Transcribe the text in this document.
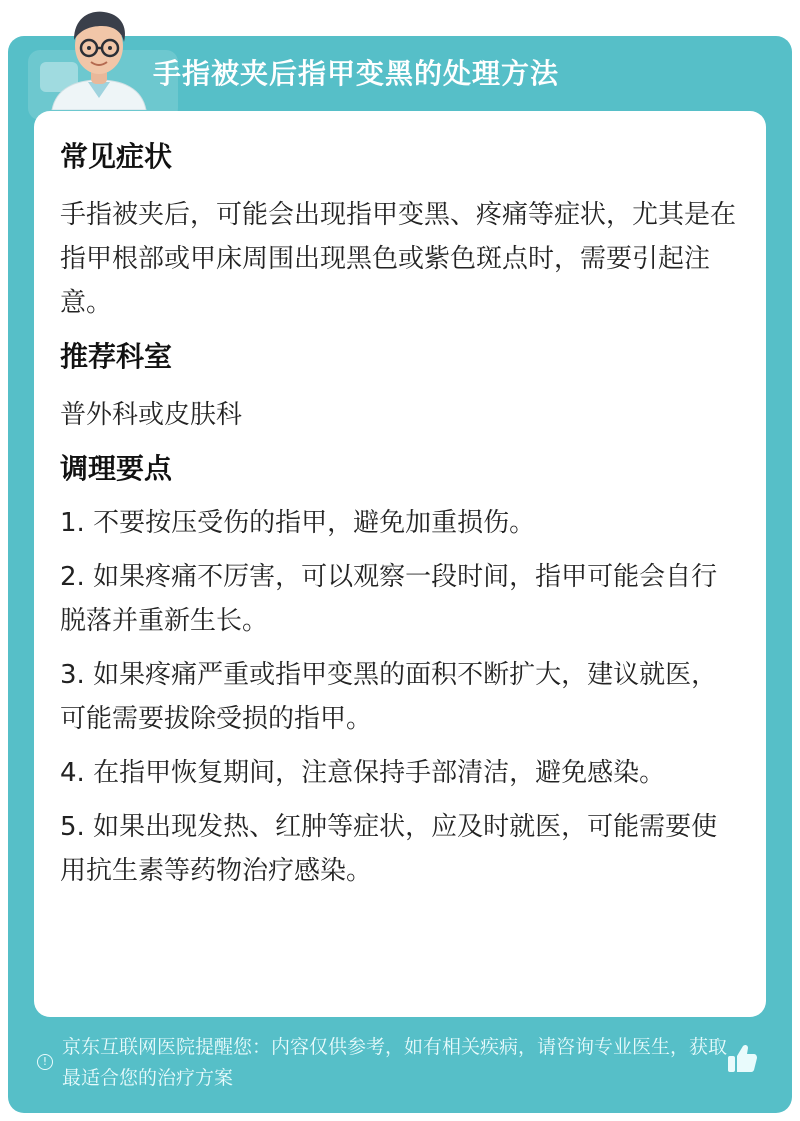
手指被夹后指甲变黑的处理方法
常见症状
手指被夹后，可能会出现指甲变黑、疼痛等症状，尤其是在指甲根部或甲床周围出现黑色或紫色斑点时，需要引起注意。
推荐科室
普外科或皮肤科
调理要点
1. 不要按压受伤的指甲，避免加重损伤。
2. 如果疼痛不厉害，可以观察一段时间，指甲可能会自行脱落并重新生长。
3. 如果疼痛严重或指甲变黑的面积不断扩大，建议就医，可能需要拔除受损的指甲。
4. 在指甲恢复期间，注意保持手部清洁，避免感染。
5. 如果出现发热、红肿等症状，应及时就医，可能需要使用抗生素等药物治疗感染。
!
京东互联网医院提醒您：内容仅供参考，如有相关疾病，请咨询专业医生，获取最适合您的治疗方案
